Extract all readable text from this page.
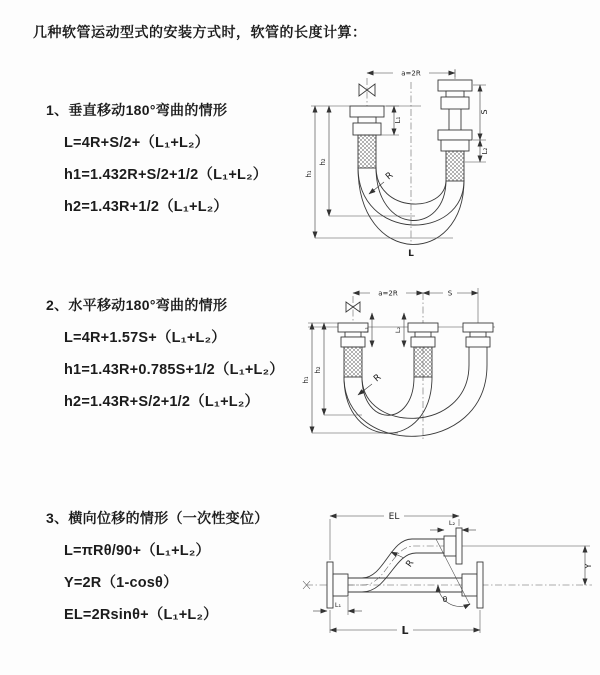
几种软管运动型式的安装方式时，软管的长度计算：
1、垂直移动180°弯曲的情形
L=4R+S/2+（L₁+L₂）
h1=1.432R+S/2+1/2（L₁+L₂）
h2=1.43R+1/2（L₁+L₂）
2、水平移动180°弯曲的情形
L=4R+1.57S+（L₁+L₂）
h1=1.43R+0.785S+1/2（L₁+L₂）
h2=1.43R+S/2+1/2（L₁+L₂）
3、横向位移的情形（一次性变位）
L=πRθ/90+（L₁+L₂）
Y=2R（1-cosθ）
EL=2Rsinθ+（L₁+L₂）
a=2R
L
L₁
S
L₂
h₁
h₂
R
a=2R	S
L₁	L₂
h₁
h₂
R
EL
L₂
L₁
L
Y
θ
R
